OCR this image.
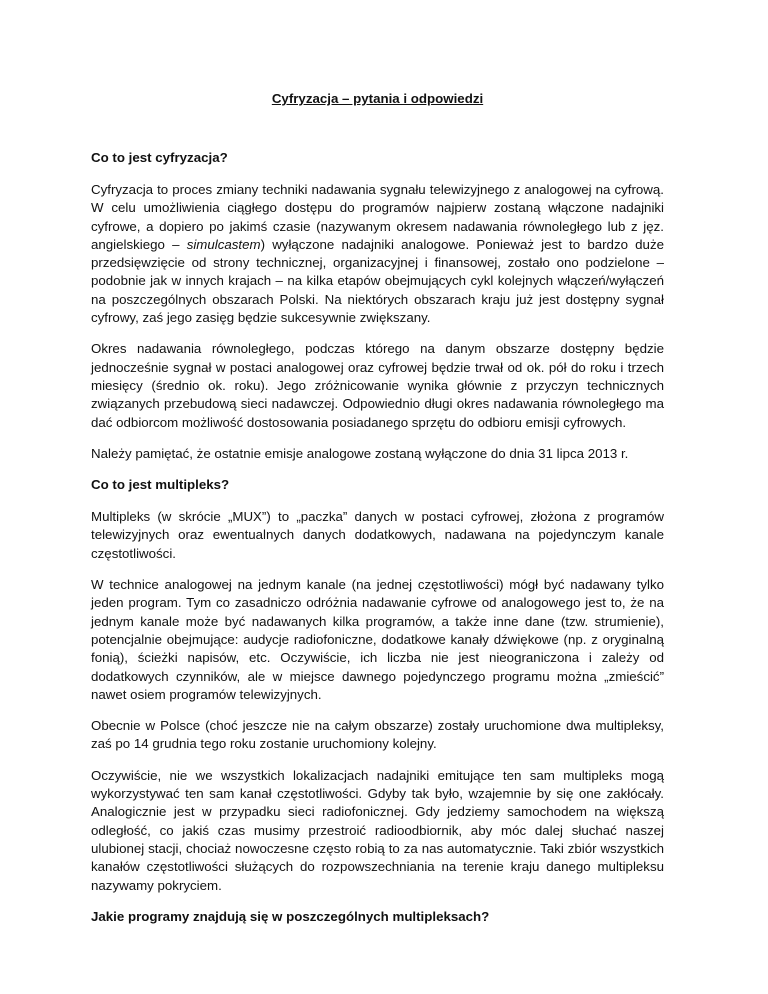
Cyfryzacja – pytania i odpowiedzi
Co to jest cyfryzacja?

Cyfryzacja to proces zmiany techniki nadawania sygnału telewizyjnego z analogowej na cyfrową. W celu umożliwienia ciągłego dostępu do programów najpierw zostaną włączone nadajniki cyfrowe, a dopiero po jakimś czasie (nazywanym okresem nadawania równoległego lub z jęz. angielskiego – simulcastem) wyłączone nadajniki analogowe. Ponieważ jest to bardzo duże przedsięwzięcie od strony technicznej, organizacyjnej i finansowej, zostało ono podzielone – podobnie jak w innych krajach – na kilka etapów obejmujących cykl kolejnych włączeń/wyłączeń na poszczególnych obszarach Polski. Na niektórych obszarach kraju już jest dostępny sygnał cyfrowy, zaś jego zasięg będzie sukcesywnie zwiększany.

Okres nadawania równoległego, podczas którego na danym obszarze dostępny będzie jednocześnie sygnał w postaci analogowej oraz cyfrowej będzie trwał od ok. pół do roku i trzech miesięcy (średnio ok. roku). Jego zróżnicowanie wynika głównie z przyczyn technicznych związanych przebudową sieci nadawczej. Odpowiednio długi okres nadawania równoległego ma dać odbiorcom możliwość dostosowania posiadanego sprzętu do odbioru emisji cyfrowych.

Należy pamiętać, że ostatnie emisje analogowe zostaną wyłączone do dnia 31 lipca 2013 r.

Co to jest multipleks?

Multipleks (w skrócie „MUX”) to „paczka” danych w postaci cyfrowej, złożona z programów telewizyjnych oraz ewentualnych danych dodatkowych, nadawana na pojedynczym kanale częstotliwości.

W technice analogowej na jednym kanale (na jednej częstotliwości) mógł być nadawany tylko jeden program. Tym co zasadniczo odróżnia nadawanie cyfrowe od analogowego jest to, że na jednym kanale może być nadawanych kilka programów, a także inne dane (tzw. strumienie), potencjalnie obejmujące: audycje radiofoniczne, dodatkowe kanały dźwiękowe (np. z oryginalną fonią), ścieżki napisów, etc. Oczywiście, ich liczba nie jest nieograniczona i zależy od dodatkowych czynników, ale w miejsce dawnego pojedynczego programu można „zmieścić” nawet osiem programów telewizyjnych.

Obecnie w Polsce (choć jeszcze nie na całym obszarze) zostały uruchomione dwa multipleksy, zaś po 14 grudnia tego roku zostanie uruchomiony kolejny.

Oczywiście, nie we wszystkich lokalizacjach nadajniki emitujące ten sam multipleks mogą wykorzystywać ten sam kanał częstotliwości. Gdyby tak było, wzajemnie by się one zakłócały. Analogicznie jest w przypadku sieci radiofonicznej. Gdy jedziemy samochodem na większą odległość, co jakiś czas musimy przestroić radioodbiornik, aby móc dalej słuchać naszej ulubionej stacji, chociaż nowoczesne często robią to za nas automatycznie. Taki zbiór wszystkich kanałów częstotliwości służących do rozpowszechniania na terenie kraju danego multipleksu nazywamy pokryciem.

Jakie programy znajdują się w poszczególnych multipleksach?
